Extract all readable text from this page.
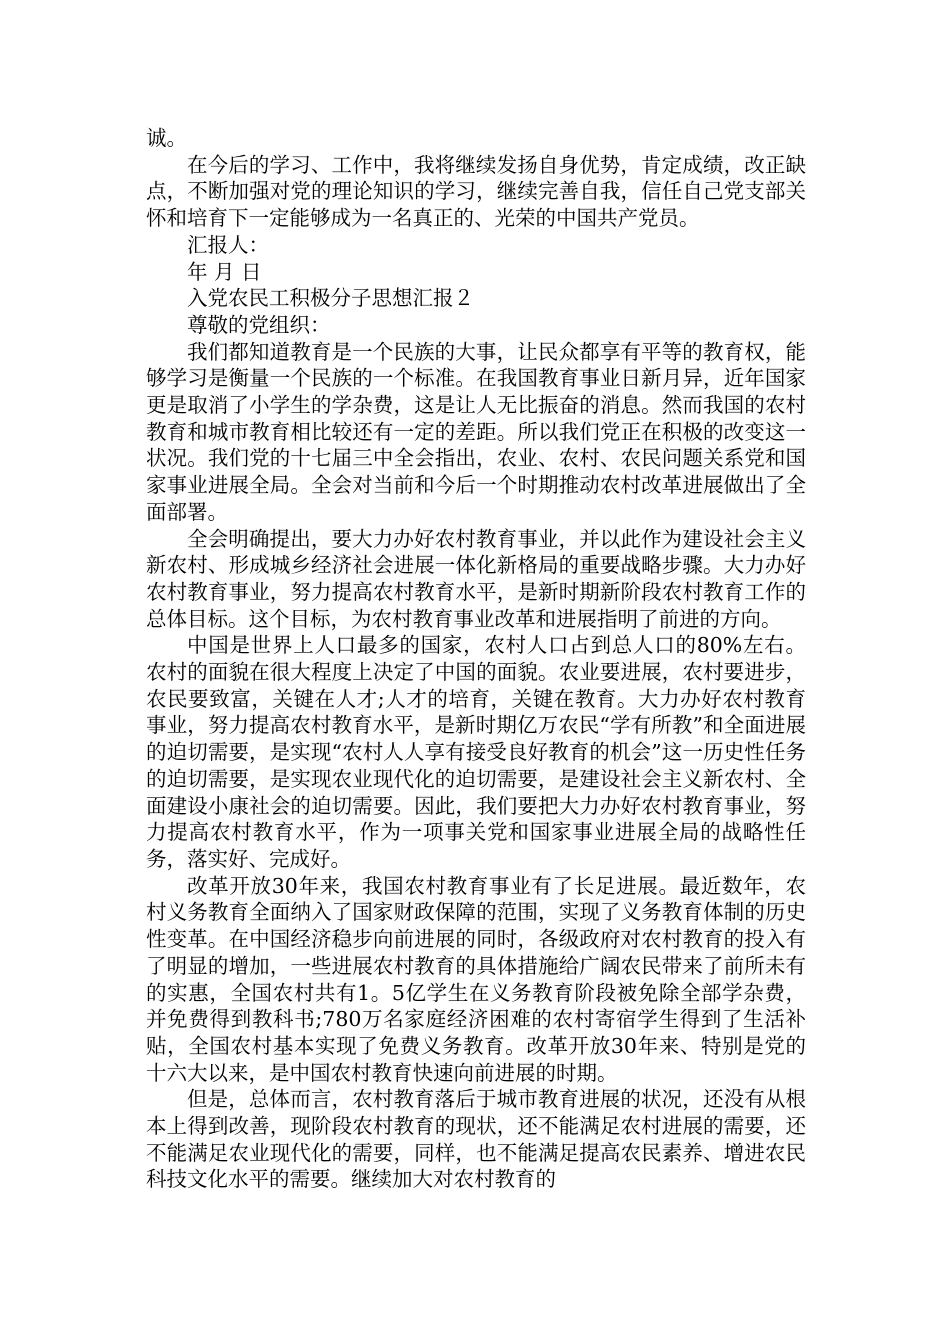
诚。

在今后的学习、工作中，我将继续发扬自身优势，肯定成绩，改正缺点，不断加强对党的理论知识的学习，继续完善自我，信任自己党支部关怀和培育下一定能够成为一名真正的、光荣的中国共产党员。

汇报人：

年 月 日

入党农民工积极分子思想汇报２

尊敬的党组织：

我们都知道教育是一个民族的大事，让民众都享有平等的教育权，能够学习是衡量一个民族的一个标准。在我国教育事业日新月异，近年国家更是取消了小学生的学杂费，这是让人无比振奋的消息。然而我国的农村教育和城市教育相比较还有一定的差距。所以我们党正在积极的改变这一状况。我们党的十七届三中全会指出，农业、农村、农民问题关系党和国家事业进展全局。全会对当前和今后一个时期推动农村改革进展做出了全面部署。

全会明确提出，要大力办好农村教育事业，并以此作为建设社会主义新农村、形成城乡经济社会进展一体化新格局的重要战略步骤。大力办好农村教育事业，努力提高农村教育水平，是新时期新阶段农村教育工作的总体目标。这个目标，为农村教育事业改革和进展指明了前进的方向。

中国是世界上人口最多的国家，农村人口占到总人口的80%左右。农村的面貌在很大程度上决定了中国的面貌。农业要进展，农村要进步，农民要致富，关键在人才;人才的培育，关键在教育。大力办好农村教育事业，努力提高农村教育水平，是新时期亿万农民“学有所教”和全面进展的迫切需要，是实现“农村人人享有接受良好教育的机会”这一历史性任务的迫切需要，是实现农业现代化的迫切需要，是建设社会主义新农村、全面建设小康社会的迫切需要。因此，我们要把大力办好农村教育事业，努力提高农村教育水平，作为一项事关党和国家事业进展全局的战略性任务，落实好、完成好。

改革开放30年来，我国农村教育事业有了长足进展。最近数年，农村义务教育全面纳入了国家财政保障的范围，实现了义务教育体制的历史性变革。在中国经济稳步向前进展的同时，各级政府对农村教育的投入有了明显的增加，一些进展农村教育的具体措施给广阔农民带来了前所未有的实惠，全国农村共有1。5亿学生在义务教育阶段被免除全部学杂费，并免费得到教科书;780万名家庭经济困难的农村寄宿学生得到了生活补贴，全国农村基本实现了免费义务教育。改革开放30年来、特别是党的十六大以来，是中国农村教育快速向前进展的时期。

但是，总体而言，农村教育落后于城市教育进展的状况，还没有从根本上得到改善，现阶段农村教育的现状，还不能满足农村进展的需要，还不能满足农业现代化的需要，同样，也不能满足提高农民素养、增进农民科技文化水平的需要。继续加大对农村教育的
